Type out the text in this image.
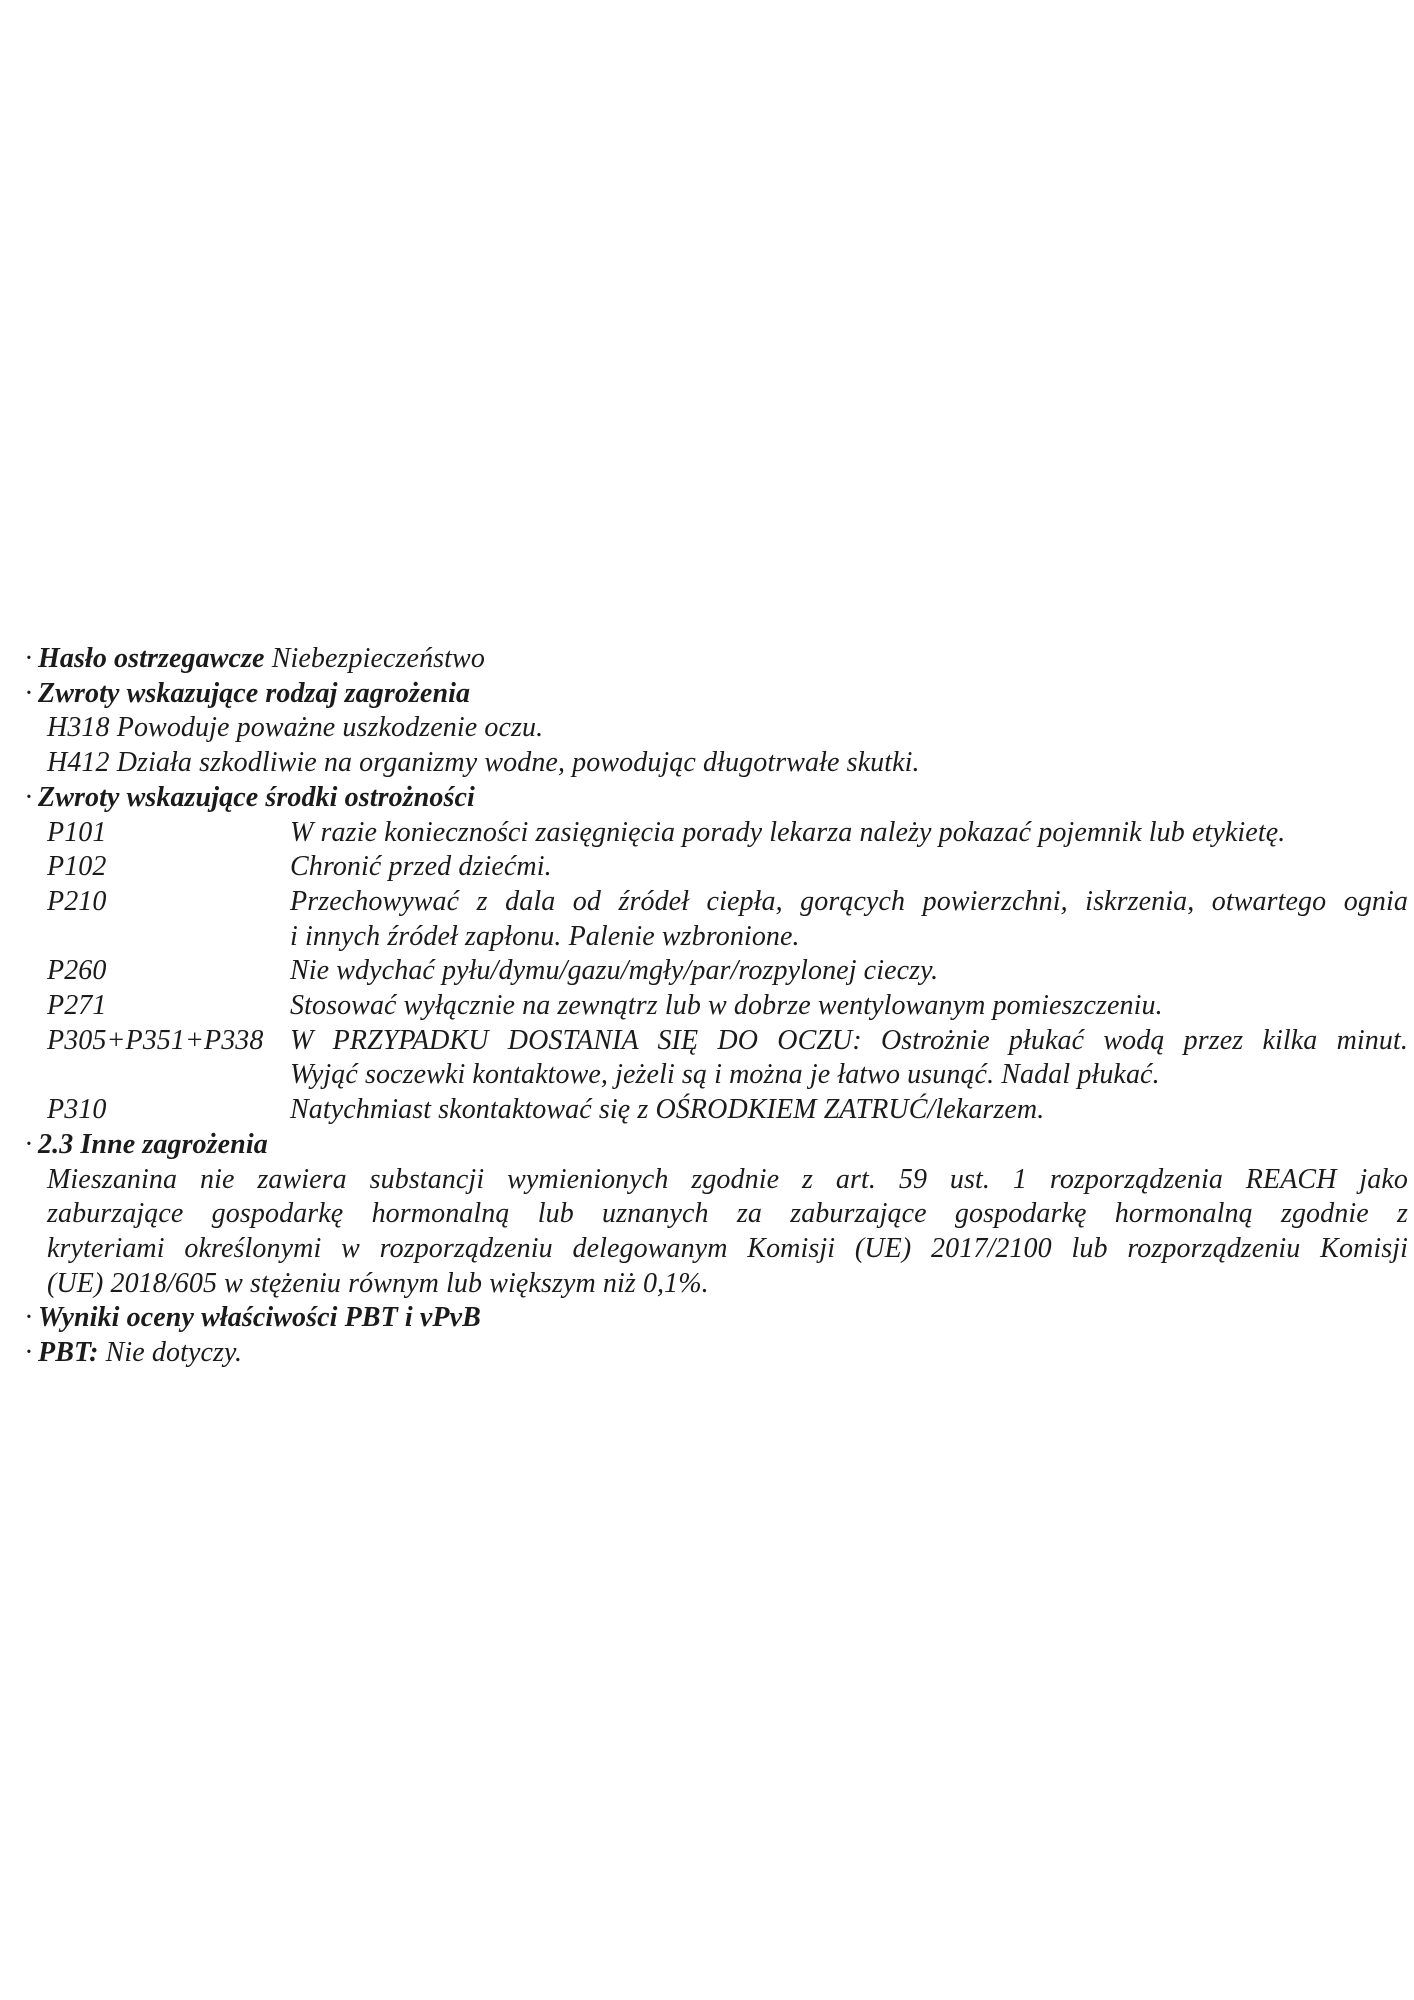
· Hasło ostrzegawcze Niebezpieczeństwo
· Zwroty wskazujące rodzaj zagrożenia
H318 Powoduje poważne uszkodzenie oczu.
H412 Działa szkodliwie na organizmy wodne, powodując długotrwałe skutki.
· Zwroty wskazujące środki ostrożności
P101	W razie konieczności zasięgnięcia porady lekarza należy pokazać pojemnik lub etykietę.
P102	Chronić przed dziećmi.
P210	Przechowywać z dala od źródeł ciepła, gorących powierzchni, iskrzenia, otwartego ognia
i innych źródeł zapłonu. Palenie wzbronione.
P260	Nie wdychać pyłu/dymu/gazu/mgły/par/rozpylonej cieczy.
P271	Stosować wyłącznie na zewnątrz lub w dobrze wentylowanym pomieszczeniu.
P305+P351+P338 W PRZYPADKU DOSTANIA SIĘ DO OCZU: Ostrożnie płukać wodą przez kilka minut.
Wyjąć soczewki kontaktowe, jeżeli są i można je łatwo usunąć. Nadal płukać.
P310	Natychmiast skontaktować się z OŚRODKIEM ZATRUĆ/lekarzem.
· 2.3 Inne zagrożenia
Mieszanina nie zawiera substancji wymienionych zgodnie z art. 59 ust. 1 rozporządzenia REACH jako
zaburzające gospodarkę hormonalną lub uznanych za zaburzające gospodarkę hormonalną zgodnie z
kryteriami określonymi w rozporządzeniu delegowanym Komisji (UE) 2017/2100 lub rozporządzeniu Komisji
(UE) 2018/605 w stężeniu równym lub większym niż 0,1%.
· Wyniki oceny właściwości PBT i vPvB
· PBT: Nie dotyczy.
